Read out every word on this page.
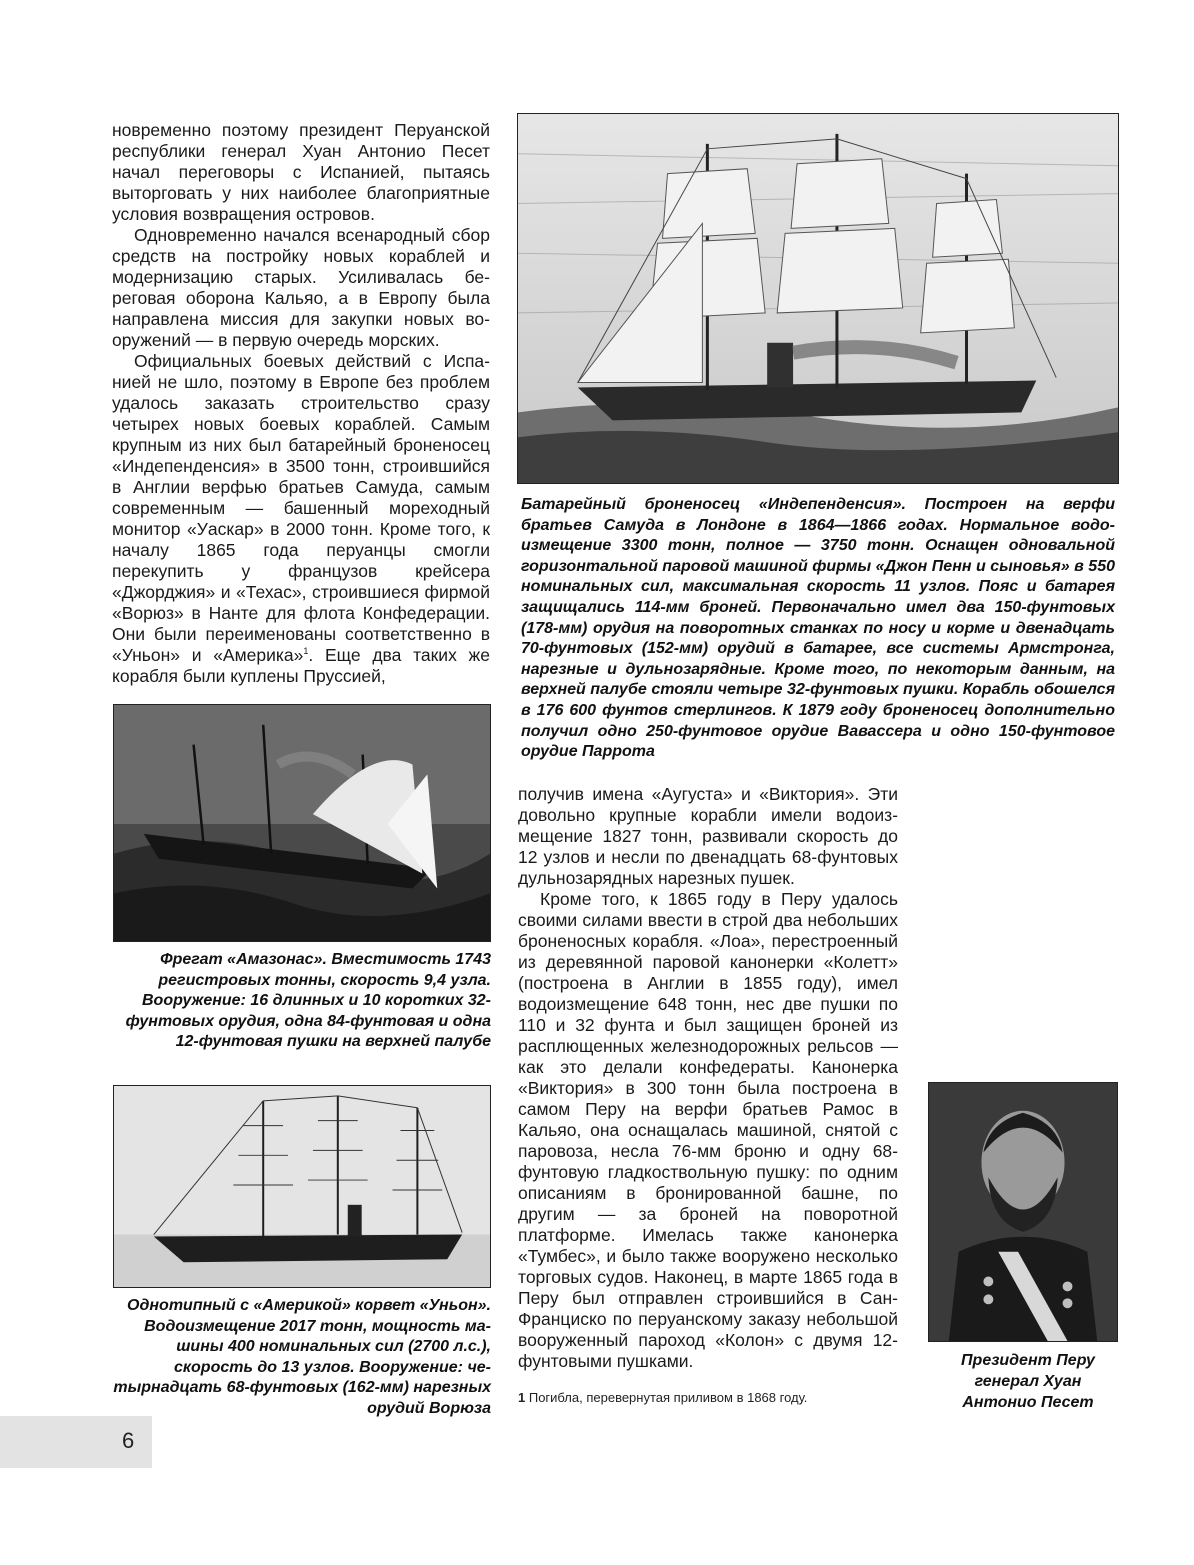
новременно поэтому президент Перуанской республики генерал Хуан Антонио Песет начал переговоры с Испанией, пытаясь выторговать у них наиболее благоприятные условия возвращения островов.

Одновременно начался всенародный сбор средств на постройку новых кораблей и модернизацию старых. Усиливалась береговая оборона Кальяо, а в Европу была направлена миссия для закупки новых вооружений — в первую очередь морских.

Официальных боевых действий с Испанией не шло, поэтому в Европе без проблем удалось заказать строительство сразу четырех новых боевых кораблей. Самым крупным из них был батарейный броненосец «Индепенденсия» в 3500 тонн, строившийся в Англии верфью братьев Самуда, самым современным — башенный мореходный монитор «Уаскар» в 2000 тонн. Кроме того, к началу 1865 года перуанцы смогли перекупить у французов крейсера «Джорджия» и «Техас», строившиеся фирмой «Ворюз» в Нанте для флота Конфедерации. Они были переименованы соответственно в «Уньон» и «Америка»$^1$. Еще два таких же корабля были куплены Пруссией,

Батарейный броненосец «Индепенденсия». Построен на верфи братьев Самуда в Лондоне в 1864—1866 годах. Нормальное водоизмещение 3300 тонн, полное — 3750 тонн. Оснащен одновальной горизонтальной паровой машиной фирмы «Джон Пенн и сыновья» в 550 номинальных сил, максимальная скорость 11 узлов. Пояс и батарея защищались 114-мм броней. Первоначально имел два 150-фунтовых (178-мм) орудия на поворотных станках по носу и корме и двенадцать 70-фунтовых (152-мм) орудий в батарее, все системы Армстронга, нарезные и дульнозарядные. Кроме того, по некоторым данным, на верхней палубе стояли четыре 32-фунтовых пушки. Корабль обошелся в 176 600 фунтов стерлингов. К 1879 году броненосец дополнительно получил одно 250-фунтовое орудие Вавассера и одно 150-фунтовое орудие Паррота

Фрегат «Амазонас». Вместимость 1743 регистровых тонны, скорость 9,4 узла. Вооружение: 16 длинных и 10 коротких 32-фунтовых орудия, одна 84-фунтовая и одна 12-фунтовая пушки на верхней палубе

Однотипный с «Америкой» корвет «Уньон». Водоизмещение 2017 тонн, мощность машины 400 номинальных сил (2700 л.с.), скорость до 13 узлов. Вооружение: четырнадцать 68-фунтовых (162-мм) нарезных орудий Ворюза

получив имена «Аугуста» и «Виктория». Эти довольно крупные корабли имели водоизмещение 1827 тонн, развивали скорость до 12 узлов и несли по двенадцать 68-фунтовых дульнозарядных нарезных пушек.

Кроме того, к 1865 году в Перу удалось своими силами ввести в строй два небольших броненосных корабля. «Лоа», перестроенный из деревянной паровой канонерки «Колетт» (построена в Англии в 1855 году), имел водоизмещение 648 тонн, нес две пушки по 110 и 32 фунта и был защищен броней из расплющенных железнодорожных рельсов — как это делали конфедераты. Канонерка «Виктория» в 300 тонн была построена в самом Перу на верфи братьев Рамос в Кальяо, она оснащалась машиной, снятой с паровоза, несла 76-мм броню и одну 68-фунтовую гладкоствольную пушку: по одним описаниям в бронированной башне, по другим — за броней на поворотной платформе. Имелась также канонерка «Тумбес», и было также вооружено несколько торговых судов. Наконец, в марте 1865 года в Перу был отправлен строившийся в Сан-Франциско по перуанскому заказу небольшой вооруженный пароход «Колон» с двумя 12-фунтовыми пушками.

1 Погибла, перевернутая приливом в 1868 году.

Президент Перу генерал Хуан Антонио Песет

6
